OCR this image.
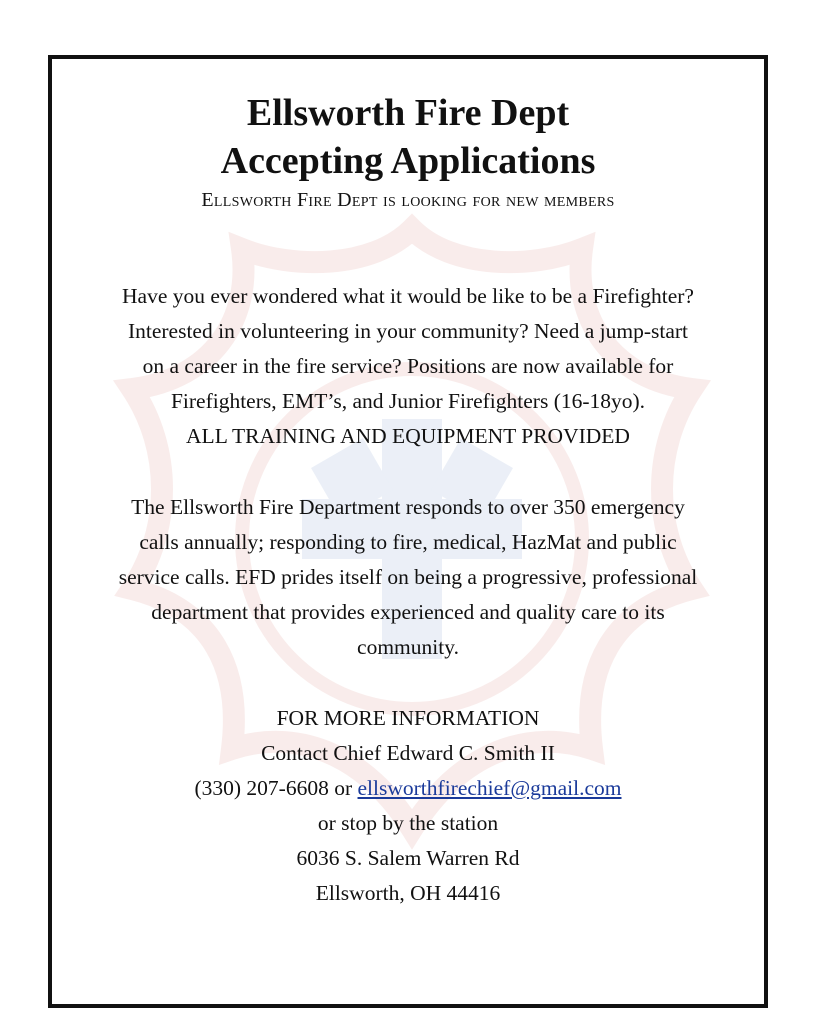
Ellsworth Fire Dept
Accepting Applications
Ellsworth Fire Dept is looking for new members

Have you ever wondered what it would be like to be a Firefighter?
Interested in volunteering in your community? Need a jump-start
on a career in the fire service? Positions are now available for
Firefighters, EMT’s, and Junior Firefighters (16-18yo).
ALL TRAINING AND EQUIPMENT PROVIDED

The Ellsworth Fire Department responds to over 350 emergency
calls annually; responding to fire, medical, HazMat and public
service calls. EFD prides itself on being a progressive, professional
department that provides experienced and quality care to its
community.

FOR MORE INFORMATION
Contact Chief Edward C. Smith II
(330) 207-6608 or ellsworthfirechief@gmail.com
or stop by the station
6036 S. Salem Warren Rd
Ellsworth, OH 44416
